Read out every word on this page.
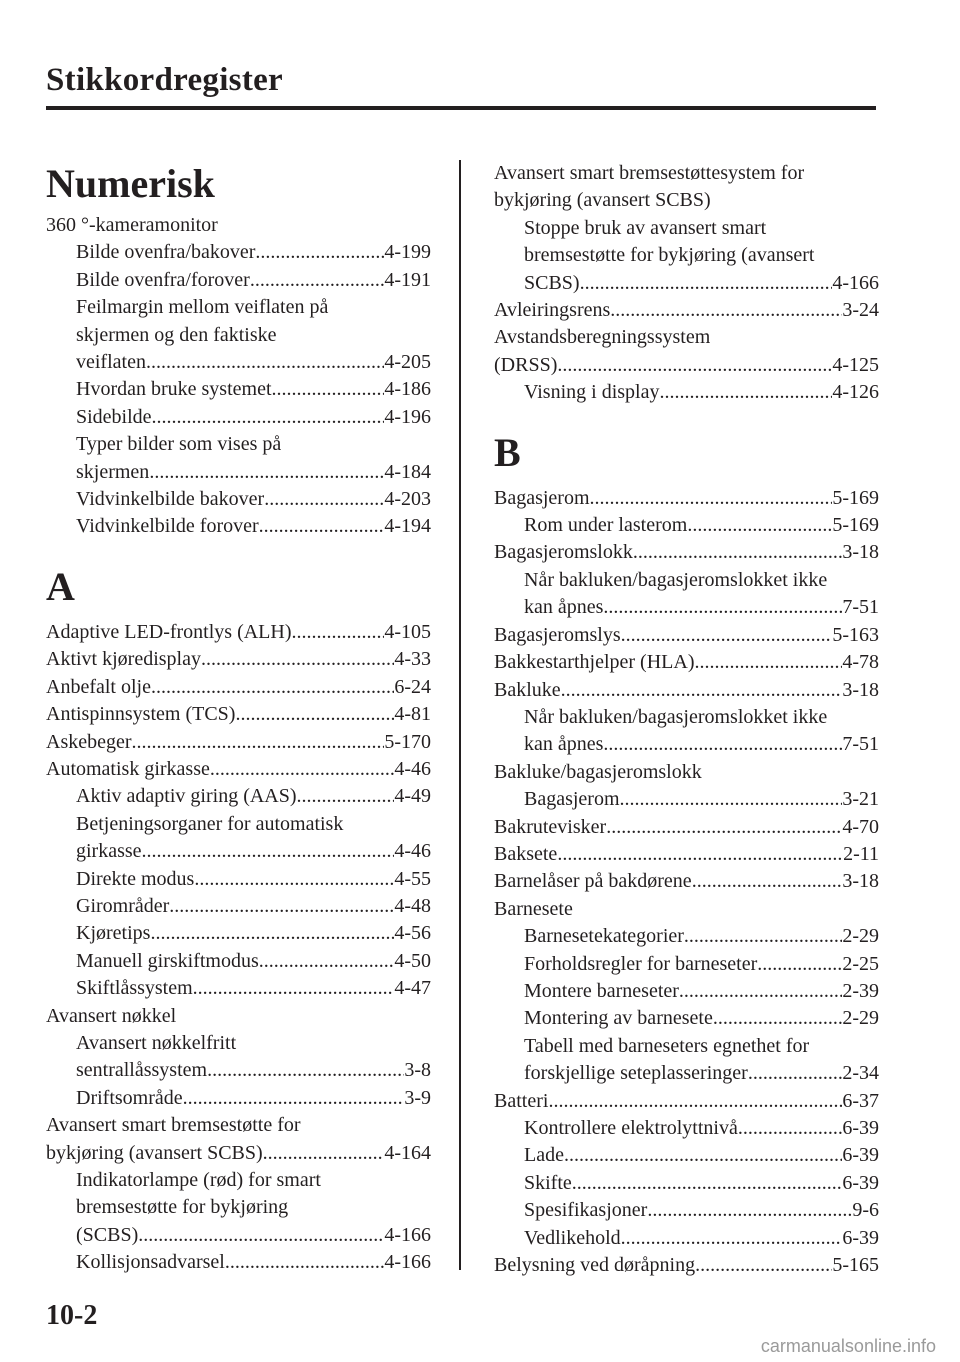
Stikkordregister
Numerisk
360 °-kameramonitor
Bilde ovenfra/bakover .....	4-199
Bilde ovenfra/forover .....	4-191
Feilmargin mellom veiflaten på
skjermen og den faktiske
veiflaten .....	4-205
Hvordan bruke systemet .....	4-186
Sidebilde .....	4-196
Typer bilder som vises på
skjermen .....	4-184
Vidvinkelbilde bakover .....	4-203
Vidvinkelbilde forover .....	4-194
A
Adaptive LED-frontlys (ALH) .....	4-105
Aktivt kjøredisplay .....	4-33
Anbefalt olje .....	6-24
Antispinnsystem (TCS) .....	4-81
Askebeger .....	5-170
Automatisk girkasse .....	4-46
Aktiv adaptiv giring (AAS) .....	4-49
Betjeningsorganer for automatisk
girkasse .....	4-46
Direkte modus .....	4-55
Girområder .....	4-48
Kjøretips .....	4-56
Manuell girskiftmodus .....	4-50
Skiftlåssystem .....	4-47
Avansert nøkkel
Avansert nøkkelfritt
sentrallåssystem .....	3-8
Driftsområde .....	3-9
Avansert smart bremsestøtte for
bykjøring (avansert SCBS) .....	4-164
Indikatorlampe (rød) for smart
bremsestøtte for bykjøring
(SCBS) .....	4-166
Kollisjonsadvarsel .....	4-166
Avansert smart bremsestøttesystem for
bykjøring (avansert SCBS)
Stoppe bruk av avansert smart
bremsestøtte for bykjøring (avansert
SCBS) .....	4-166
Avleiringsrens .....	3-24
Avstandsberegningssystem
(DRSS) .....	4-125
Visning i display .....	4-126
B
Bagasjerom .....	5-169
Rom under lasterom .....	5-169
Bagasjeromslokk .....	3-18
Når bakluken/bagasjeromslokket ikke
kan åpnes .....	7-51
Bagasjeromslys .....	5-163
Bakkestarthjelper (HLA) .....	4-78
Bakluke .....	3-18
Når bakluken/bagasjeromslokket ikke
kan åpnes .....	7-51
Bakluke/bagasjeromslokk
Bagasjerom .....	3-21
Bakrutevisker .....	4-70
Baksete .....	2-11
Barnelåser på bakdørene .....	3-18
Barnesete
Barnesetekategorier .....	2-29
Forholdsregler for barneseter .....	2-25
Montere barneseter .....	2-39
Montering av barnesete .....	2-29
Tabell med barneseters egnethet for
forskjellige seteplasseringer .....	2-34
Batteri .....	6-37
Kontrollere elektrolyttnivå .....	6-39
Lade .....	6-39
Skifte .....	6-39
Spesifikasjoner .....	9-6
Vedlikehold .....	6-39
Belysning ved døråpning .....	5-165
10-2
carmanualsonline.info
